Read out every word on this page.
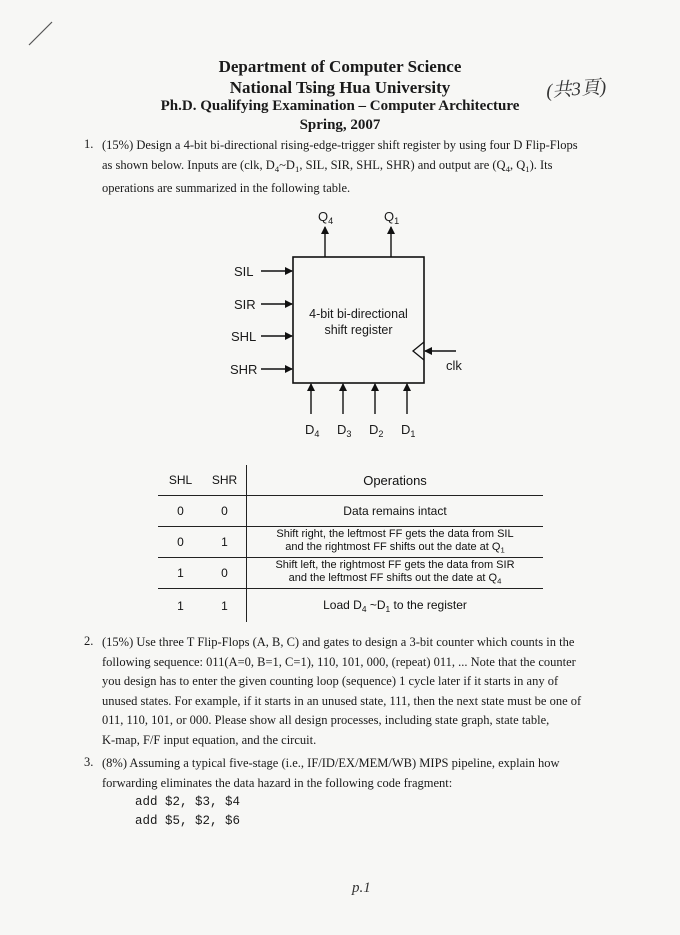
Department of Computer Science
National Tsing Hua University
Ph.D. Qualifying Examination – Computer Architecture
Spring, 2007
(共3頁)
1. (15%) Design a 4-bit bi-directional rising-edge-trigger shift register by using four D Flip-Flops
as shown below. Inputs are (clk, $D_4\sim D_1$, SIL, SIR, SHL, SHR) and output are ($Q_4$, $Q_1$). Its
operations are summarized in the following table.
$Q_4$	$Q_1$
SIL
SIR
SHL
SHR
4-bit bi-directional
shift register
clk
$D_4$ $D_3$ $D_2$ $D_1$
SHL	SHR	Operations
0	0	Data remains intact
0	1	Shift right, the leftmost FF gets the data from SIL
and the rightmost FF shifts out the date at $Q_1$

1	0	Shift left, the rightmost FF gets the data from SIR
and the leftmost FF shifts out the date at $Q_4$

1	1	Load $D_4$ $\sim D_1$ to the register
2. (15%) Use three T Flip-Flops (A, B, C) and gates to design a 3-bit counter which counts in the
following sequence: 011(A=0, B=1, C=1), 110, 101, 000, (repeat) 011, ... Note that the counter
you design has to enter the given counting loop (sequence) 1 cycle later if it starts in any of
unused states. For example, if it starts in an unused state, 111, then the next state must be one of
011, 110, 101, or 000. Please show all design processes, including state graph, state table,
K-map, F/F input equation, and the circuit.
3. (8%) Assuming a typical five-stage (i.e., IF/ID/EX/MEM/WB) MIPS pipeline, explain how
forwarding eliminates the data hazard in the following code fragment:
add $2, $3, $4
add $5, $2, $6
p.1
